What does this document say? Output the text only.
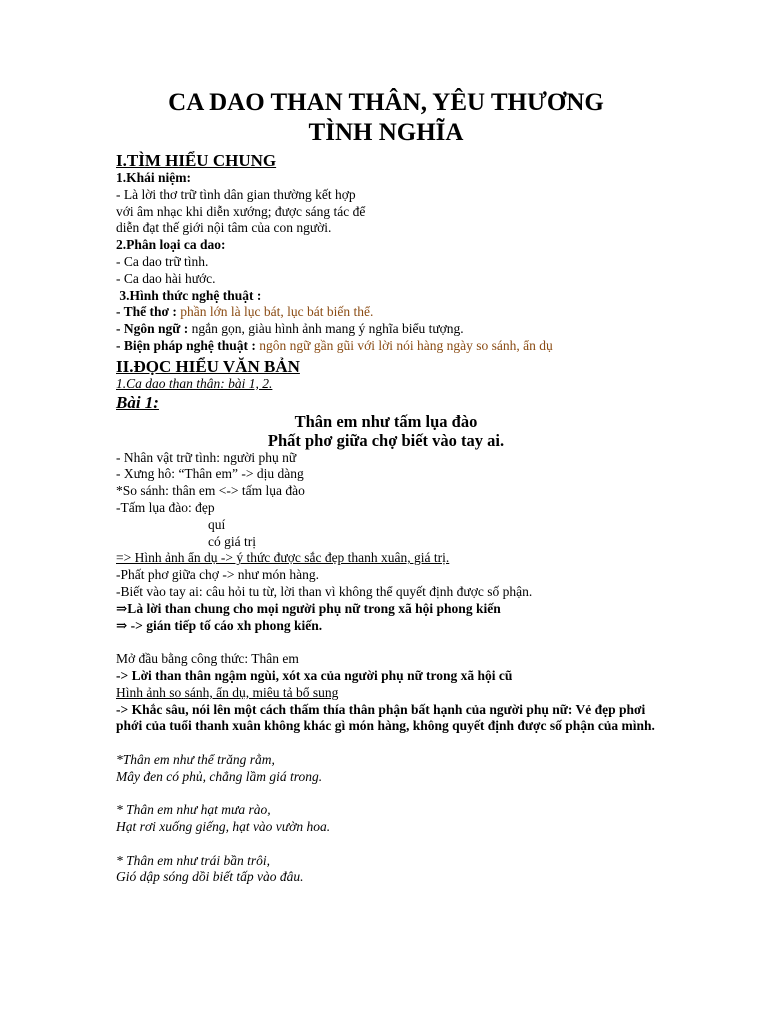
CA DAO THAN THÂN, YÊU THƯƠNG
TÌNH NGHĨA
I.TÌM HIỂU CHUNG
1.Khái niệm:
- Là lời thơ trữ tình dân gian thường kết hợp với âm nhạc khi diễn xướng; được sáng tác để diễn đạt thế giới nội tâm của con người.
2.Phân loại ca dao:
- Ca dao trữ tình.
- Ca dao hài hước.
3.Hình thức nghệ thuật :
- Thể thơ : phần lớn là lục bát, lục bát biến thể.
- Ngôn ngữ : ngắn gọn, giàu hình ảnh mang ý nghĩa biểu tượng.
- Biện pháp nghệ thuật : ngôn ngữ gần gũi với lời nói hàng ngày so sánh, ẩn dụ
II.ĐỌC HIỂU VĂN BẢN
1.Ca dao than thân: bài 1, 2.
Bài 1:
Thân em như tấm lụa đào
Phất phơ giữa chợ biết vào tay ai.
- Nhân vật trữ tình: người phụ nữ
- Xưng hô: “Thân em” -> dịu dàng
*So sánh: thân em <-> tấm lụa đào
-Tấm lụa đào: đẹp
quí
có giá trị
=> Hình ảnh ẩn dụ -> ý thức được sắc đẹp thanh xuân, giá trị.
-Phất phơ giữa chợ -> như món hàng.
-Biết vào tay ai: câu hỏi tu từ, lời than vì không thể quyết định được số phận.
⇒Là lời than chung cho mọi người phụ nữ trong xã hội phong kiến
⇒ -> gián tiếp tố cáo xh phong kiến.
Mở đầu bằng công thức: Thân em
-> Lời than thân ngậm ngùi, xót xa của người phụ nữ trong xã hội cũ
Hình ảnh so sánh, ẩn dụ, miêu tả bổ sung
-> Khắc sâu, nói lên một cách thấm thía thân phận bất hạnh của người phụ nữ: Vẻ đẹp phơi phới của tuổi thanh xuân không khác gì món hàng, không quyết định được số phận của mình.
*Thân em như thể trăng rằm,
Mây đen có phủ, chẳng lầm giá trong.
* Thân em như hạt mưa rào,
Hạt rơi xuống giếng, hạt vào vườn hoa.
* Thân em như trái bần trôi,
Gió dập sóng dồi biết tấp vào đâu.
